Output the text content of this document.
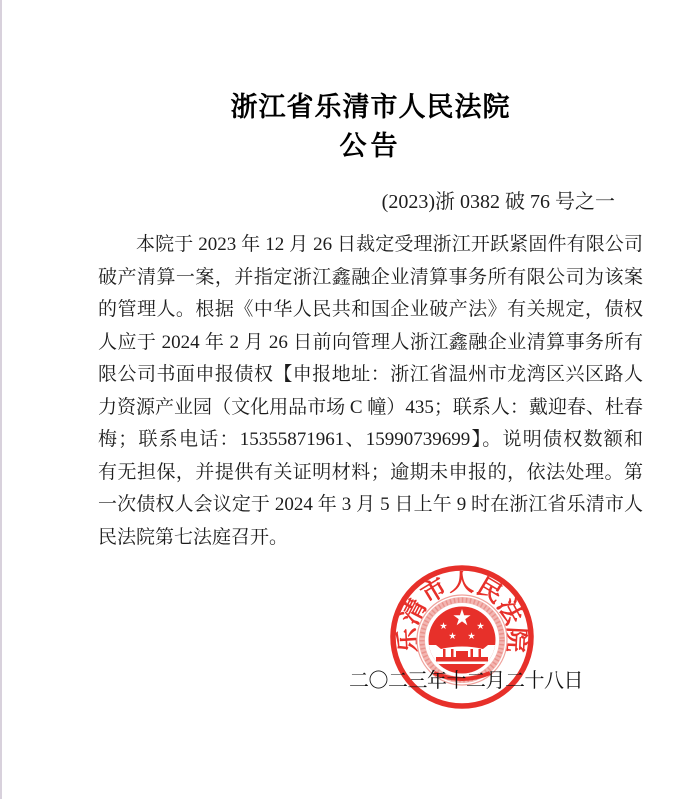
浙江省乐清市人民法院
公告
(2023)浙 0382 破 76 号之一
本院于 2023 年 12 月 26 日裁定受理浙江开跃紧固件有限公司
破产清算一案，并指定浙江鑫融企业清算事务所有限公司为该案
的管理人。根据《中华人民共和国企业破产法》有关规定，债权
人应于 2024 年 2 月 26 日前向管理人浙江鑫融企业清算事务所有
限公司书面申报债权【申报地址：浙江省温州市龙湾区兴区路人
力资源产业园（文化用品市场 C 幢）435；联系人：戴迎春、杜春
梅；联系电话：15355871961、15990739699】。说明债权数额和
有无担保，并提供有关证明材料；逾期未申报的，依法处理。第
一次债权人会议定于 2024 年 3 月 5 日上午 9 时在浙江省乐清市人
民法院第七法庭召开。
乐清市人民法院
二〇二三年十二月二十八日
